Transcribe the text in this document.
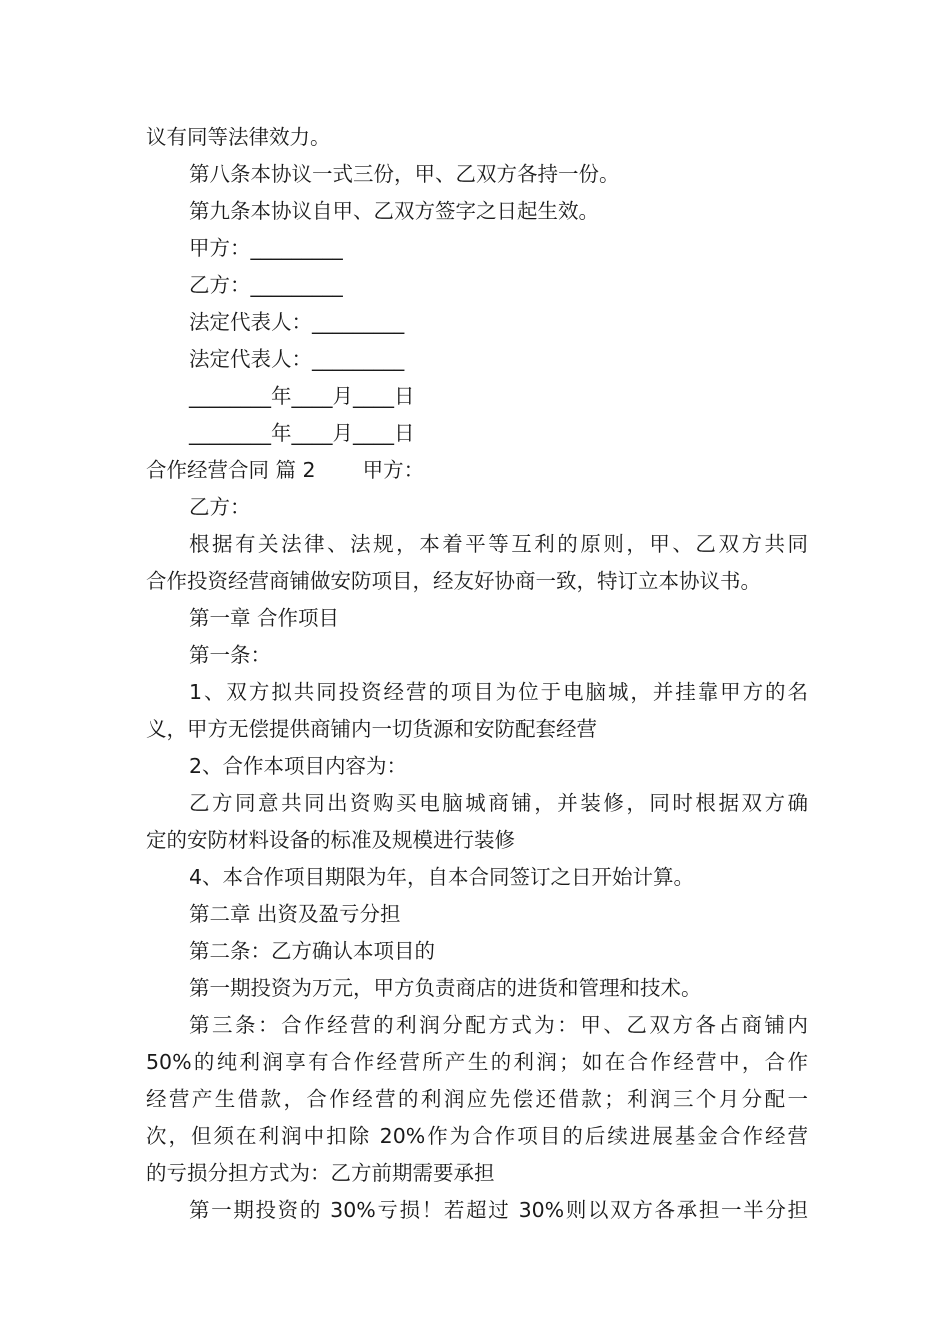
议有同等法律效力。
第八条本协议一式三份，甲、乙双方各持一份。
第九条本协议自甲、乙双方签字之日起生效。
甲方：_________
乙方：_________
法定代表人：_________
法定代表人：_________
________年____月____日
________年____月____日
合作经营合同 篇 2 甲方：
乙方：
根据有关法律、法规，本着平等互利的原则，甲、乙双方共同
合作投资经营商铺做安防项目，经友好协商一致，特订立本协议书。
第一章 合作项目
第一条：
1、双方拟共同投资经营的项目为位于电脑城，并挂靠甲方的名
义，甲方无偿提供商铺内一切货源和安防配套经营
2、合作本项目内容为：
乙方同意共同出资购买电脑城商铺，并装修，同时根据双方确
定的安防材料设备的标准及规模进行装修
4、本合作项目期限为年，自本合同签订之日开始计算。
第二章 出资及盈亏分担
第二条：乙方确认本项目的
第一期投资为万元，甲方负责商店的进货和管理和技术。
第三条：合作经营的利润分配方式为：甲、乙双方各占商铺内
50%的纯利润享有合作经营所产生的利润；如在合作经营中，合作
经营产生借款，合作经营的利润应先偿还借款；利润三个月分配一
次，但须在利润中扣除 20%作为合作项目的后续进展基金合作经营
的亏损分担方式为：乙方前期需要承担
第一期投资的 30%亏损！若超过 30%则以双方各承担一半分担
